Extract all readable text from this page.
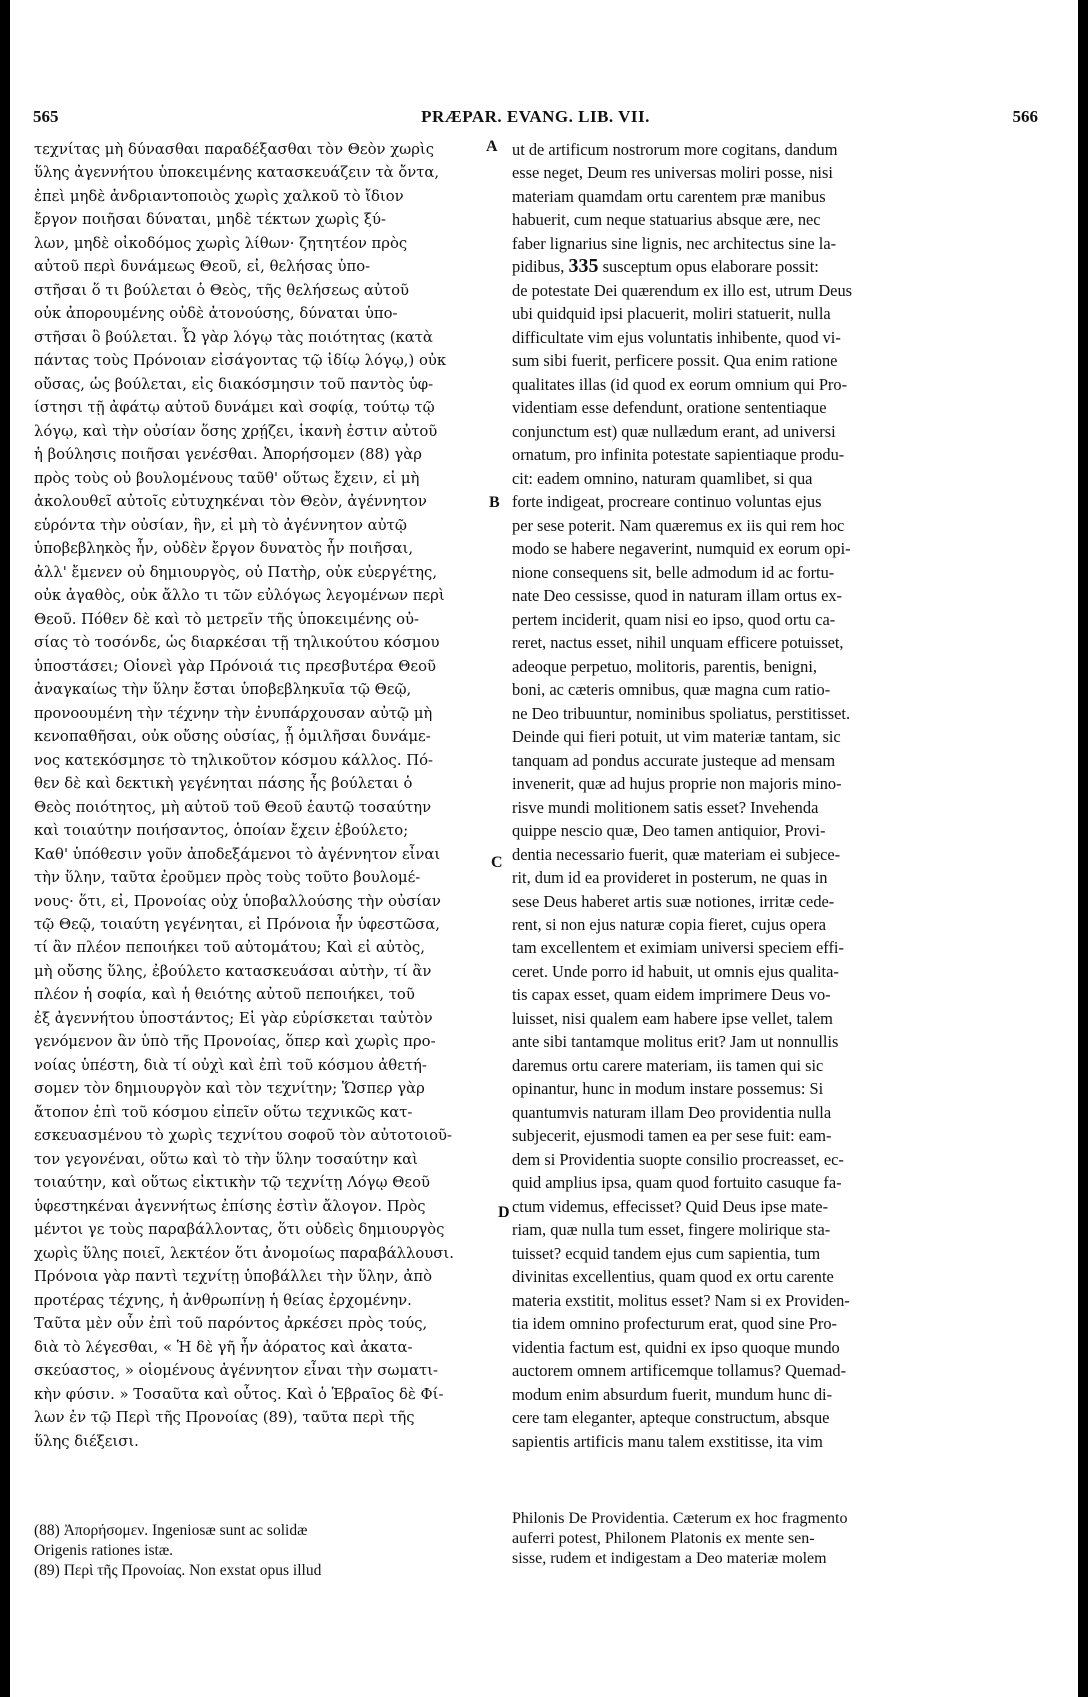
565	PRÆPAR. EVANG. LIB. VII.	566

τεχνίτας μὴ δύνασθαι παραδέξασθαι τὸν Θεὸν χωρὶς

ὕλης ἀγεννήτου ὑποκειμένης κατασκευάζειν τὰ ὄντα,

ἐπεὶ μηδὲ ἀνδριαντοποιὸς χωρὶς χαλκοῦ τὸ ἴδιον

ἔργον ποιῆσαι δύναται, μηδὲ τέκτων χωρὶς ξύ-

λων, μηδὲ οἰκοδόμος χωρὶς λίθων· ζητητέον πρὸς

αὐτοῦ περὶ δυνάμεως Θεοῦ, εἰ, θελήσας ὑπο-

στῆσαι ὅ τι βούλεται ὁ Θεὸς, τῆς θελήσεως αὐτοῦ

οὐκ ἀπορουμένης οὐδὲ ἀτονούσης, δύναται ὑπο-

στῆσαι ὃ βούλεται. Ὦ γὰρ λόγῳ τὰς ποιότητας (κατὰ

πάντας τοὺς Πρόνοιαν εἰσάγοντας τῷ ἰδίῳ λόγῳ,) οὐκ

οὔσας, ὡς βούλεται, εἰς διακόσμησιν τοῦ παντὸς ὑφ-

ίστησι τῇ ἀφάτῳ αὐτοῦ δυνάμει καὶ σοφίᾳ, τούτῳ τῷ

λόγῳ, καὶ τὴν οὐσίαν ὅσης χρῄζει, ἱκανὴ ἐστιν αὐτοῦ

ἡ βούλησις ποιῆσαι γενέσθαι. Ἀπορήσομεν (88) γὰρ

πρὸς τοὺς οὐ βουλομένους ταῦθ' οὕτως ἔχειν, εἰ μὴ

ἀκολουθεῖ αὐτοῖς εὐτυχηκέναι τὸν Θεὸν, ἀγέννητον

εὑρόντα τὴν οὐσίαν, ἣν, εἰ μὴ τὸ ἀγέννητον αὐτῷ

ὑποβεβληκὸς ἦν, οὐδὲν ἔργον δυνατὸς ἦν ποιῆσαι,

ἀλλ' ἔμενεν οὐ δημιουργὸς, οὐ Πατὴρ, οὐκ εὐεργέτης,

οὐκ ἀγαθὸς, οὐκ ἄλλο τι τῶν εὐλόγως λεγομένων περὶ

Θεοῦ. Πόθεν δὲ καὶ τὸ μετρεῖν τῆς ὑποκειμένης οὐ-

σίας τὸ τοσόνδε, ὡς διαρκέσαι τῇ τηλικούτου κόσμου

ὑποστάσει; Οἱονεὶ γὰρ Πρόνοιά τις πρεσβυτέρα Θεοῦ

ἀναγκαίως τὴν ὕλην ἔσται ὑποβεβληκυῖα τῷ Θεῷ,

προνοουμένη τὴν τέχνην τὴν ἐνυπάρχουσαν αὐτῷ μὴ

κενοπαθῆσαι, οὐκ οὔσης οὐσίας, ᾗ ὁμιλῆσαι δυνάμε-

νος κατεκόσμησε τὸ τηλικοῦτον κόσμου κάλλος. Πό-

θεν δὲ καὶ δεκτικὴ γεγένηται πάσης ἧς βούλεται ὁ

Θεὸς ποιότητος, μὴ αὐτοῦ τοῦ Θεοῦ ἑαυτῷ τοσαύτην

καὶ τοιαύτην ποιήσαντος, ὁποίαν ἔχειν ἐβούλετο;

Καθ' ὑπόθεσιν γοῦν ἀποδεξάμενοι τὸ ἀγέννητον εἶναι

τὴν ὕλην, ταῦτα ἐροῦμεν πρὸς τοὺς τοῦτο βουλομέ-

νους· ὅτι, εἰ, Προνοίας οὐχ ὑποβαλλούσης τὴν οὐσίαν

τῷ Θεῷ, τοιαύτη γεγένηται, εἰ Πρόνοια ἦν ὑφεστῶσα,

τί ἂν πλέον πεποιήκει τοῦ αὐτομάτου; Καὶ εἰ αὐτὸς,

μὴ οὔσης ὕλης, ἐβούλετο κατασκευάσαι αὐτὴν, τί ἂν

πλέον ἡ σοφία, καὶ ἡ θειότης αὐτοῦ πεποιήκει, τοῦ

ἐξ ἀγεννήτου ὑποστάντος; Εἰ γὰρ εὑρίσκεται ταὐτὸν

γενόμενον ἂν ὑπὸ τῆς Προνοίας, ὅπερ καὶ χωρὶς προ-

νοίας ὑπέστη, διὰ τί οὐχὶ καὶ ἐπὶ τοῦ κόσμου ἀθετή-

σομεν τὸν δημιουργὸν καὶ τὸν τεχνίτην; Ὥσπερ γὰρ

ἄτοπον ἐπὶ τοῦ κόσμου εἰπεῖν οὕτω τεχνικῶς κατ-

εσκευασμένου τὸ χωρὶς τεχνίτου σοφοῦ τὸν αὐτοτοιοῦ-

τον γεγονέναι, οὕτω καὶ τὸ τὴν ὕλην τοσαύτην καὶ

τοιαύτην, καὶ οὕτως εἰκτικὴν τῷ τεχνίτῃ Λόγῳ Θεοῦ

ὑφεστηκέναι ἀγεννήτως ἐπίσης ἐστὶν ἄλογον. Πρὸς

μέντοι γε τοὺς παραβάλλοντας, ὅτι οὐδεὶς δημιουργὸς

χωρὶς ὕλης ποιεῖ, λεκτέον ὅτι ἀνομοίως παραβάλλουσι.

Πρόνοια γὰρ παντὶ τεχνίτῃ ὑποβάλλει τὴν ὕλην, ἀπὸ

προτέρας τέχνης, ἡ ἀνθρωπίνῃ ἡ θείας ἐρχομένην.

Ταῦτα μὲν οὖν ἐπὶ τοῦ παρόντος ἀρκέσει πρὸς τούς,

διὰ τὸ λέγεσθαι, « Ἡ δὲ γῆ ἦν ἀόρατος καὶ ἀκατα-

σκεύαστος, » οἰομένους ἀγέννητον εἶναι τὴν σωματι-

κὴν φύσιν. » Τοσαῦτα καὶ οὗτος. Καὶ ὁ Ἑβραῖος δὲ Φί-

λων ἐν τῷ Περὶ τῆς Προνοίας (89), ταῦτα περὶ τῆς

ὕλης διέξεισι.

ut de artificum nostrorum more cogitans, dandum

esse neget, Deum res universas moliri posse, nisi

materiam quamdam ortu carentem præ manibus

habuerit, cum neque statuarius absque ære, nec

faber lignarius sine lignis, nec architectus sine la-

pidibus, 335 susceptum opus elaborare possit:

de potestate Dei quærendum ex illo est, utrum Deus

ubi quidquid ipsi placuerit, moliri statuerit, nulla

difficultate vim ejus voluntatis inhibente, quod vi-

sum sibi fuerit, perficere possit. Qua enim ratione

qualitates illas (id quod ex eorum omnium qui Pro-

videntiam esse defendunt, oratione sententiaque

conjunctum est) quæ nullædum erant, ad universi

ornatum, pro infinita potestate sapientiaque produ-

cit: eadem omnino, naturam quamlibet, si qua

forte indigeat, procreare continuo voluntas ejus

per sese poterit. Nam quæremus ex iis qui rem hoc

modo se habere negaverint, numquid ex eorum opi-

nione consequens sit, belle admodum id ac fortu-

nate Deo cessisse, quod in naturam illam ortus ex-

pertem inciderit, quam nisi eo ipso, quod ortu ca-

reret, nactus esset, nihil unquam efficere potuisset,

adeoque perpetuo, molitoris, parentis, benigni,

boni, ac cæteris omnibus, quæ magna cum ratio-

ne Deo tribuuntur, nominibus spoliatus, perstitisset.

Deinde qui fieri potuit, ut vim materiæ tantam, sic

tanquam ad pondus accurate justeque ad mensam

invenerit, quæ ad hujus proprie non majoris mino-

risve mundi molitionem satis esset? Invehenda

quippe nescio quæ, Deo tamen antiquior, Provi-

dentia necessario fuerit, quæ materiam ei subjece-

rit, dum id ea provideret in posterum, ne quas in

sese Deus haberet artis suæ notiones, irritæ cede-

rent, si non ejus naturæ copia fieret, cujus opera

tam excellentem et eximiam universi speciem effi-

ceret. Unde porro id habuit, ut omnis ejus qualita-

tis capax esset, quam eidem imprimere Deus vo-

luisset, nisi qualem eam habere ipse vellet, talem

ante sibi tantamque molitus erit? Jam ut nonnullis

daremus ortu carere materiam, iis tamen qui sic

opinantur, hunc in modum instare possemus: Si

quantumvis naturam illam Deo providentia nulla

subjecerit, ejusmodi tamen ea per sese fuit: eam-

dem si Providentia suopte consilio procreasset, ec-

quid amplius ipsa, quam quod fortuito casuque fa-

ctum videmus, effecisset? Quid Deus ipse mate-

riam, quæ nulla tum esset, fingere molirique sta-

tuisset? ecquid tandem ejus cum sapientia, tum

divinitas excellentius, quam quod ex ortu carente

materia exstitit, molitus esset? Nam si ex Providen-

tia idem omnino profecturum erat, quod sine Pro-

videntia factum est, quidni ex ipso quoque mundo

auctorem omnem artificemque tollamus? Quemad-

modum enim absurdum fuerit, mundum hunc di-

cere tam eleganter, apteque constructum, absque

sapientis artificis manu talem exstitisse, ita vim

A
B
C
D

(88) Ἀπορήσομεν. Ingeniosæ sunt ac solidæ

Origenis rationes istæ.

(89) Περὶ τῆς Προνοίας. Non exstat opus illud

Philonis De Providentia. Cæterum ex hoc fragmento

auferri potest, Philonem Platonis ex mente sen-

sisse, rudem et indigestam a Deo materiæ molem
